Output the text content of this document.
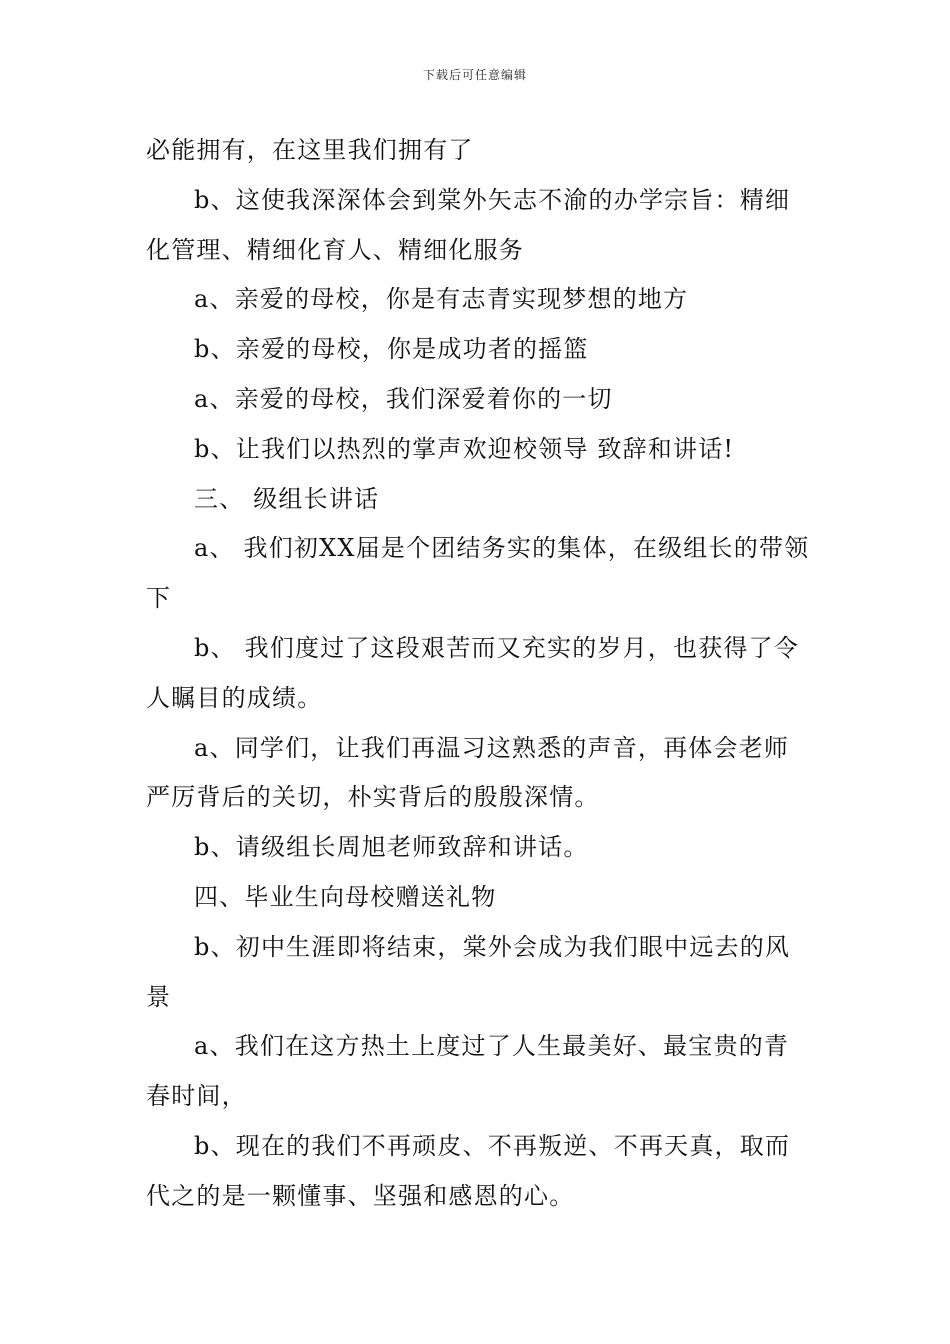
下载后可任意编辑

必能拥有，在这里我们拥有了

b、这使我深深体会到棠外矢志不渝的办学宗旨：精细化管理、精细化育人、精细化服务

a、亲爱的母校，你是有志青实现梦想的地方

b、亲爱的母校，你是成功者的摇篮

a、亲爱的母校，我们深爱着你的一切

b、让我们以热烈的掌声欢迎校领导 致辞和讲话!

三、 级组长讲话

a、 我们初XX届是个团结务实的集体，在级组长的带领下

b、 我们度过了这段艰苦而又充实的岁月，也获得了令人瞩目的成绩。

a、同学们，让我们再温习这熟悉的声音，再体会老师严厉背后的关切，朴实背后的殷殷深情。

b、请级组长周旭老师致辞和讲话。

四、毕业生向母校赠送礼物

b、初中生涯即将结束，棠外会成为我们眼中远去的风景

a、我们在这方热土上度过了人生最美好、最宝贵的青春时间，

b、现在的我们不再顽皮、不再叛逆、不再天真，取而代之的是一颗懂事、坚强和感恩的心。
